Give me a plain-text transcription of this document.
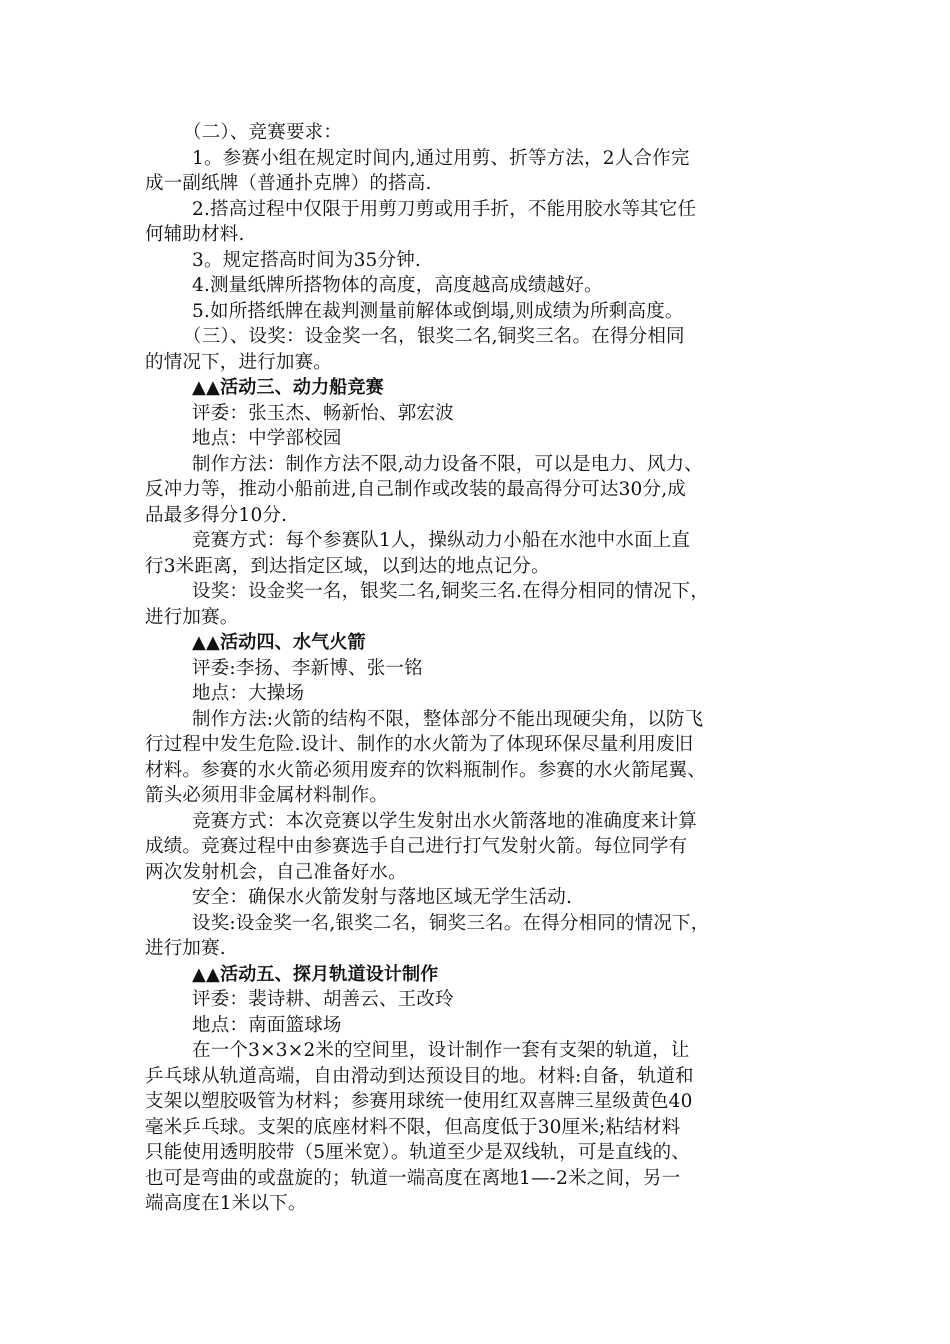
（二）、竞赛要求：
1。参赛小组在规定时间内,通过用剪、折等方法，2人合作完
成一副纸牌（普通扑克牌）的搭高.
2.搭高过程中仅限于用剪刀剪或用手折，不能用胶水等其它任
何辅助材料.
3。规定搭高时间为35分钟.
4.测量纸牌所搭物体的高度，高度越高成绩越好。
5.如所搭纸牌在裁判测量前解体或倒塌,则成绩为所剩高度。
（三）、设奖：设金奖一名，银奖二名,铜奖三名。在得分相同
的情况下，进行加赛。
▲▲活动三、动力船竞赛
评委：张玉杰、畅新怡、郭宏波
地点：中学部校园
制作方法：制作方法不限,动力设备不限，可以是电力、风力、
反冲力等，推动小船前进,自己制作或改装的最高得分可达30分,成
品最多得分10分.
竞赛方式：每个参赛队1人，操纵动力小船在水池中水面上直
行3米距离，到达指定区域，以到达的地点记分。
设奖：设金奖一名，银奖二名,铜奖三名.在得分相同的情况下，
进行加赛。
▲▲活动四、水气火箭
评委:李扬、李新博、张一铭
地点：大操场
制作方法:火箭的结构不限，整体部分不能出现硬尖角，以防飞
行过程中发生危险.设计、制作的水火箭为了体现环保尽量利用废旧
材料。参赛的水火箭必须用废弃的饮料瓶制作。参赛的水火箭尾翼、
箭头必须用非金属材料制作。
竞赛方式：本次竞赛以学生发射出水火箭落地的准确度来计算
成绩。竞赛过程中由参赛选手自己进行打气发射火箭。每位同学有
两次发射机会，自己准备好水。
安全：确保水火箭发射与落地区域无学生活动.
设奖:设金奖一名,银奖二名，铜奖三名。在得分相同的情况下，
进行加赛.
▲▲活动五、探月轨道设计制作
评委：裴诗耕、胡善云、王改玲
地点：南面篮球场
在一个3×3×2米的空间里，设计制作一套有支架的轨道，让
乒乓球从轨道高端，自由滑动到达预设目的地。材料:自备，轨道和
支架以塑胶吸管为材料；参赛用球统一使用红双喜牌三星级黄色40
毫米乒乓球。支架的底座材料不限，但高度低于30厘米;粘结材料
只能使用透明胶带（5厘米宽）。轨道至少是双线轨，可是直线的、
也可是弯曲的或盘旋的；轨道一端高度在离地1—-2米之间，另一
端高度在1米以下。
